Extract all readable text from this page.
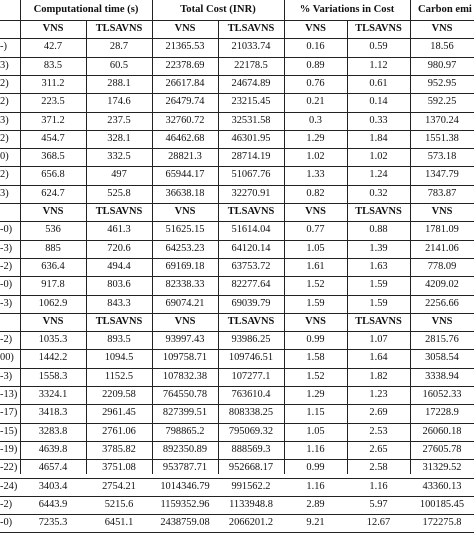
Computational time (s)	Total Cost (INR)	% Variations in Cost	Carbon emi
VNS	TLSAVNS	VNS	TLSAVNS	VNS	TLSAVNS	VNS
-)	42.7	28.7	21365.53	21033.74	0.16	0.59	18.56
3)	83.5	60.5	22378.69	22178.5	0.89	1.12	980.97
2)	311.2	288.1	26617.84	24674.89	0.76	0.61	952.95
2)	223.5	174.6	26479.74	23215.45	0.21	0.14	592.25
3)	371.2	237.5	32760.72	32531.58	0.3	0.33	1370.24
2)	454.7	328.1	46462.68	46301.95	1.29	1.84	1551.38
0)	368.5	332.5	28821.3	28714.19	1.02	1.02	573.18
2)	656.8	497	65944.17	51067.76	1.33	1.24	1347.79
3)	624.7	525.8	36638.18	32270.91	0.82	0.32	783.87
VNS	TLSAVNS	VNS	TLSAVNS	VNS	TLSAVNS	VNS
-0)	536	461.3	51625.15	51614.04	0.77	0.88	1781.09
-3)	885	720.6	64253.23	64120.14	1.05	1.39	2141.06
-2)	636.4	494.4	69169.18	63753.72	1.61	1.63	778.09
-0)	917.8	803.6	82338.33	82277.64	1.52	1.59	4209.02
-3)	1062.9	843.3	69074.21	69039.79	1.59	1.59	2256.66
VNS	TLSAVNS	VNS	TLSAVNS	VNS	TLSAVNS	VNS
-2)	1035.3	893.5	93997.43	93986.25	0.99	1.07	2815.76
00)	1442.2	1094.5	109758.71	109746.51	1.58	1.64	3058.54
-3)	1558.3	1152.5	107832.38	107277.1	1.52	1.82	3338.94
-13)	3324.1	2209.58	764550.78	763610.4	1.29	1.23	16052.33
-17)	3418.3	2961.45	827399.51	808338.25	1.15	2.69	17228.9
-15)	3283.8	2761.06	798865.2	795069.32	1.05	2.53	26060.18
-19)	4639.8	3785.82	892350.89	888569.3	1.16	2.65	27605.78
-22)	4657.4	3751.08	953787.71	952668.17	0.99	2.58	31329.52
-24)	3403.4	2754.21	1014346.79	991562.2	1.16	1.16	43360.13
-2)	6443.9	5215.6	1159352.96	1133948.8	2.89	5.97	100185.45
-0)	7235.3	6451.1	2438759.08	2066201.2	9.21	12.67	172275.8
